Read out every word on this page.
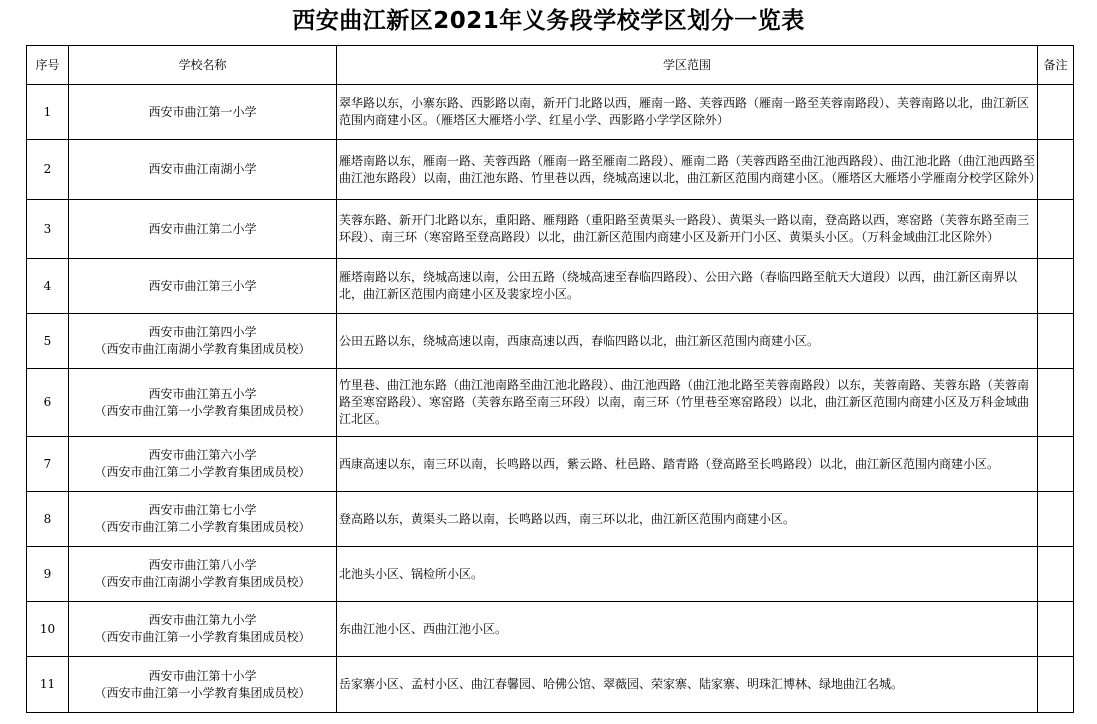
西安曲江新区2021年义务段学校学区划分一览表
序号	学校名称	学区范围	备注
1	西安市曲江第一小学	翠华路以东，小寨东路、西影路以南，新开门北路以西，雁南一路、芙蓉西路（雁南一路至芙蓉南路段）、芙蓉南路以北，曲江新区范围内商建小区。（雁塔区大雁塔小学、红星小学、西影路小学学区除外）	
2	西安市曲江南湖小学	雁塔南路以东，雁南一路、芙蓉西路（雁南一路至雁南二路段）、雁南二路（芙蓉西路至曲江池西路段）、曲江池北路（曲江池西路至曲江池东路段）以南，曲江池东路、竹里巷以西，绕城高速以北，曲江新区范围内商建小区。（雁塔区大雁塔小学雁南分校学区除外）	
3	西安市曲江第二小学	芙蓉东路、新开门北路以东，重阳路、雁翔路（重阳路至黄渠头一路段）、黄渠头一路以南，登高路以西，寒窑路（芙蓉东路至南三环段）、南三环（寒窑路至登高路段）以北，曲江新区范围内商建小区及新开门小区、黄渠头小区。（万科金域曲江北区除外）	
4	西安市曲江第三小学	雁塔南路以东，绕城高速以南，公田五路（绕城高速至春临四路段）、公田六路（春临四路至航天大道段）以西，曲江新区南界以北，曲江新区范围内商建小区及裴家埪小区。	
5	西安市曲江第四小学
（西安市曲江南湖小学教育集团成员校）	公田五路以东，绕城高速以南，西康高速以西，春临四路以北，曲江新区范围内商建小区。	
6	西安市曲江第五小学
（西安市曲江第一小学教育集团成员校）	竹里巷、曲江池东路（曲江池南路至曲江池北路段）、曲江池西路（曲江池北路至芙蓉南路段）以东，芙蓉南路、芙蓉东路（芙蓉南路至寒窑路段）、寒窑路（芙蓉东路至南三环段）以南，南三环（竹里巷至寒窑路段）以北，曲江新区范围内商建小区及万科金域曲江北区。	
7	西安市曲江第六小学
（西安市曲江第二小学教育集团成员校）	西康高速以东，南三环以南，长鸣路以西，紫云路、杜邑路、踏青路（登高路至长鸣路段）以北，曲江新区范围内商建小区。	
8	西安市曲江第七小学
（西安市曲江第二小学教育集团成员校）	登高路以东，黄渠头二路以南，长鸣路以西，南三环以北，曲江新区范围内商建小区。	
9	西安市曲江第八小学
（西安市曲江南湖小学教育集团成员校）	北池头小区、锅检所小区。	
10	西安市曲江第九小学
（西安市曲江第一小学教育集团成员校）	东曲江池小区、西曲江池小区。	
11	西安市曲江第十小学
（西安市曲江第一小学教育集团成员校）	岳家寨小区、孟村小区、曲江春馨园、哈佛公馆、翠薇园、荣家寨、陆家寨、明珠汇博林、绿地曲江名城。	
